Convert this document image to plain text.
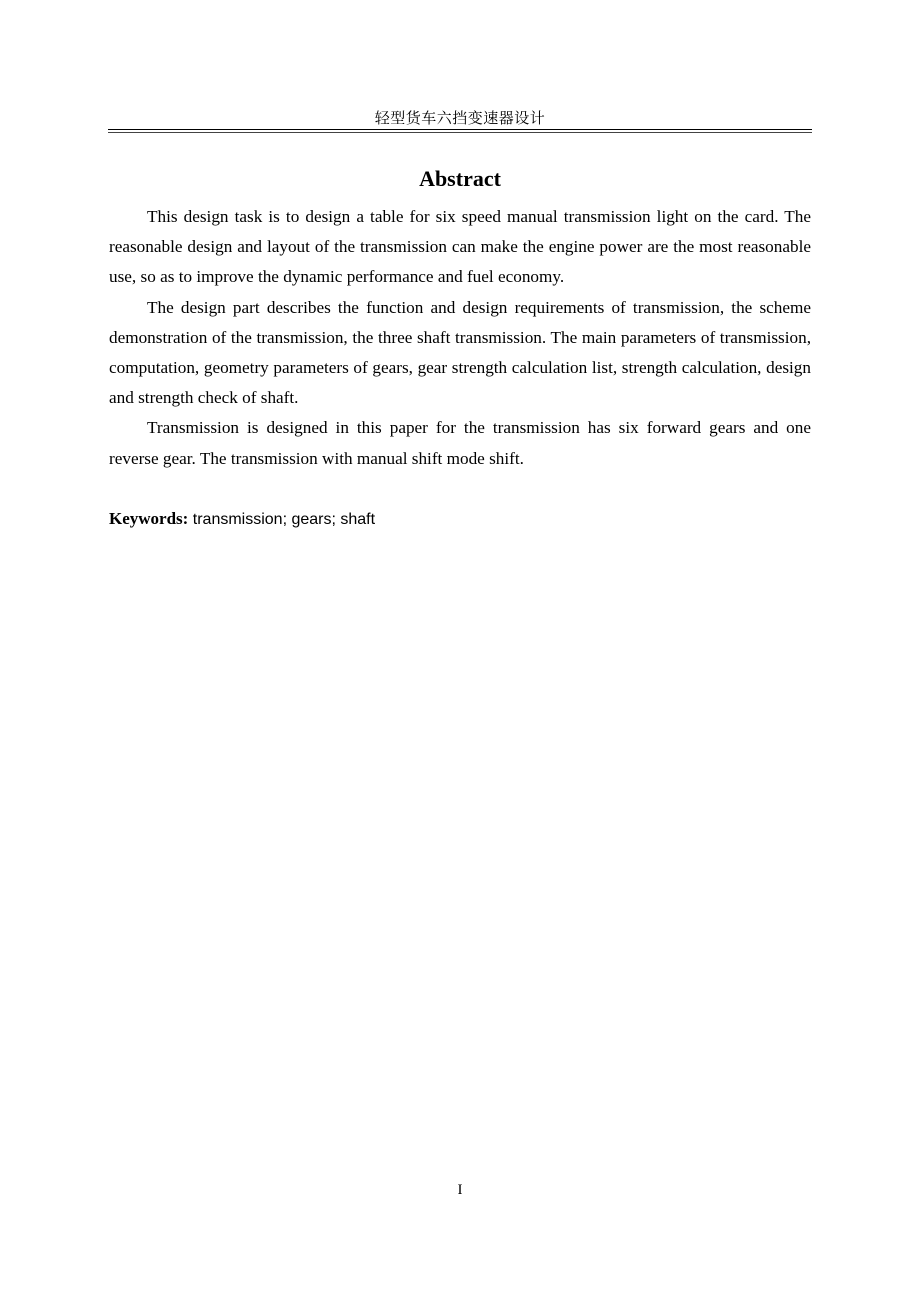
轻型货车六挡变速器设计
Abstract

This design task is to design a table for six speed manual transmission light on the card. The reasonable design and layout of the transmission can make the engine power are the most reasonable use, so as to improve the dynamic performance and fuel economy.

The design part describes the function and design requirements of transmission, the scheme demonstration of the transmission, the three shaft transmission. The main parameters of transmission, computation, geometry parameters of gears, gear strength calculation list, strength calculation, design and strength check of shaft.

Transmission is designed in this paper for the transmission has six forward gears and one reverse gear. The transmission with manual shift mode shift.

Keywords: transmission; gears; shaft
I
